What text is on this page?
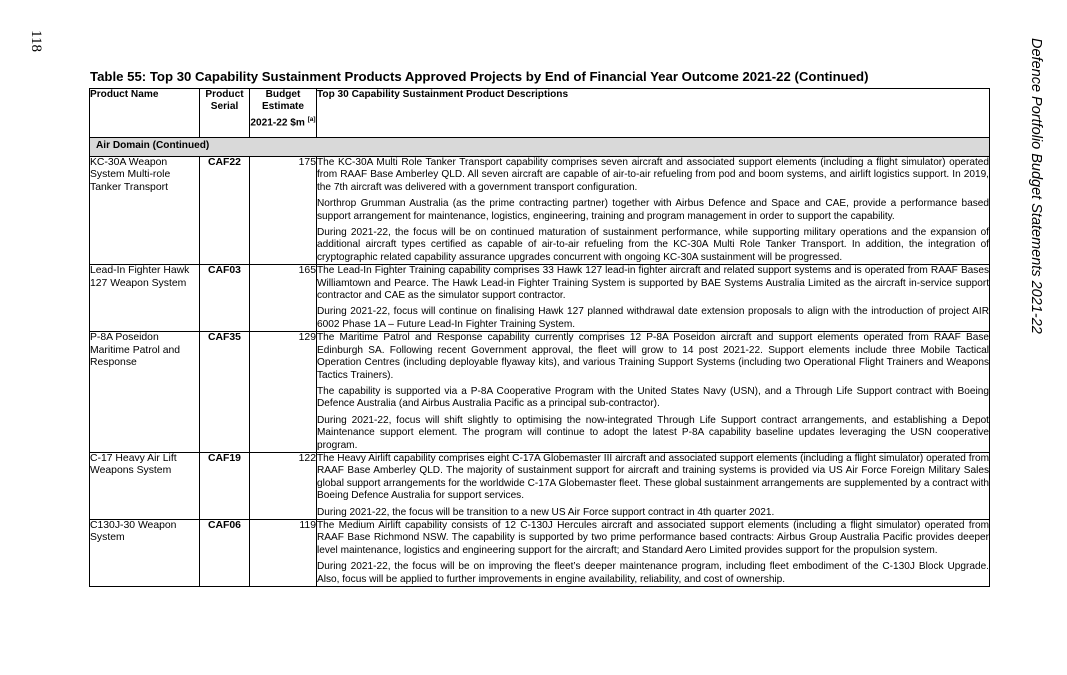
118	Defence Portfolio Budget Statements 2021-22
Table 55: Top 30 Capability Sustainment Products Approved Projects by End of Financial Year Outcome 2021-22 (Continued)
Product Name	Product Serial	Budget Estimate 2021-22 $m [a]	Top 30 Capability Sustainment Product Descriptions
Air Domain (Continued)			
KC-30A Weapon System Multi-role Tanker Transport	CAF22	175	The KC-30A Multi Role Tanker Transport capability comprises seven aircraft and associated support elements (including a flight simulator) operated from RAAF Base Amberley QLD. All seven aircraft are capable of air-to-air refueling from pod and boom systems, and airlift logistics support. In 2019, the 7th aircraft was delivered with a government transport configuration.

Northrop Grumman Australia (as the prime contracting partner) together with Airbus Defence and Space and CAE, provide a performance based support arrangement for maintenance, logistics, engineering, training and program management in order to support the capability.

During 2021-22, the focus will be on continued maturation of sustainment performance, while supporting military operations and the expansion of additional aircraft types certified as capable of air-to-air refueling from the KC-30A Multi Role Tanker Transport. In addition, the integration of cryptographic related capability assurance upgrades concurrent with ongoing KC-30A sustainment will be progressed.

Lead-In Fighter Hawk 127 Weapon System	CAF03	165	The Lead-In Fighter Training capability comprises 33 Hawk 127 lead-in fighter aircraft and related support systems and is operated from RAAF Bases Williamtown and Pearce. The Hawk Lead-in Fighter Training System is supported by BAE Systems Australia Limited as the aircraft in-service support contractor and CAE as the simulator support contractor.

During 2021-22, focus will continue on finalising Hawk 127 planned withdrawal date extension proposals to align with the introduction of project AIR 6002 Phase 1A – Future Lead-In Fighter Training System.

P-8A Poseidon Maritime Patrol and Response	CAF35	129	The Maritime Patrol and Response capability currently comprises 12 P-8A Poseidon aircraft and support elements operated from RAAF Base Edinburgh SA. Following recent Government approval, the fleet will grow to 14 post 2021-22. Support elements include three Mobile Tactical Operation Centres (including deployable flyaway kits), and various Training Support Systems (including two Operational Flight Trainers and Weapons Tactics Trainers).

The capability is supported via a P-8A Cooperative Program with the United States Navy (USN), and a Through Life Support contract with Boeing Defence Australia (and Airbus Australia Pacific as a principal sub-contractor).

During 2021-22, focus will shift slightly to optimising the now-integrated Through Life Support contract arrangements, and establishing a Depot Maintenance support element. The program will continue to adopt the latest P-8A capability baseline updates leveraging the USN cooperative program.

C-17 Heavy Air Lift Weapons System	CAF19	122	The Heavy Airlift capability comprises eight C-17A Globemaster III aircraft and associated support elements (including a flight simulator) operated from RAAF Base Amberley QLD. The majority of sustainment support for aircraft and training systems is provided via US Air Force Foreign Military Sales global support arrangements for the worldwide C-17A Globemaster fleet. These global sustainment arrangements are supplemented by a contract with Boeing Defence Australia for support services.

During 2021-22, the focus will be transition to a new US Air Force support contract in 4th quarter 2021.

C130J-30 Weapon System	CAF06	119	The Medium Airlift capability consists of 12 C-130J Hercules aircraft and associated support elements (including a flight simulator) operated from RAAF Base Richmond NSW. The capability is supported by two prime performance based contracts: Airbus Group Australia Pacific provides deeper level maintenance, logistics and engineering support for the aircraft; and Standard Aero Limited provides support for the propulsion system.

During 2021-22, the focus will be on improving the fleet’s deeper maintenance program, including fleet embodiment of the C-130J Block Upgrade. Also, focus will be applied to further improvements in engine availability, reliability, and cost of ownership.
